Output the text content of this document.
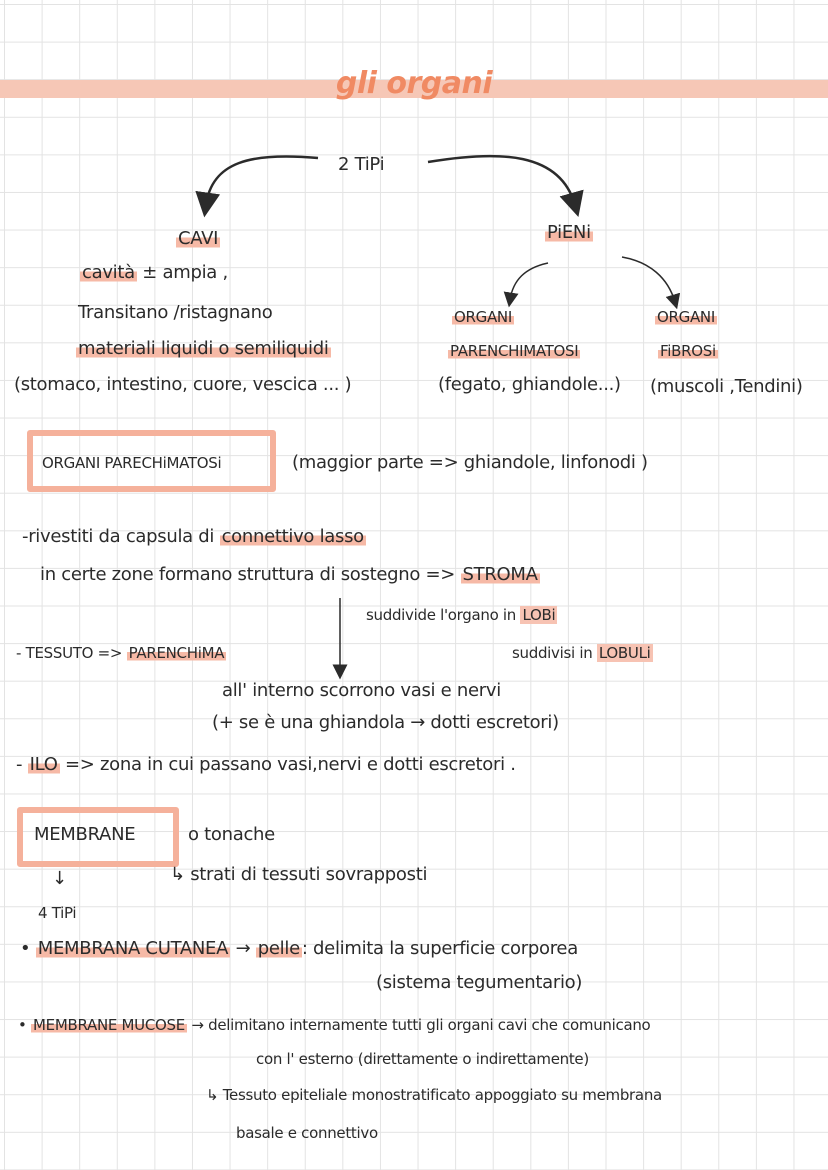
gli organi
2 TiPi
CAVI
cavità ± ampia ,
Transitano /ristagnano
materiali liquidi o semiliquidi
(stomaco, intestino, cuore, vescica ... )
PiENi
ORGANI
PARENCHIMATOSI
(fegato, ghiandole...)
ORGANI
FiBROSi
(muscoli ,Tendini)
ORGANI PARECHiMATOSi	(maggior parte => ghiandole, linfonodi )
-rivestiti da capsula di connettivo lasso
in certe zone formano struttura di sostegno => STROMA
suddivide l'organo in LOBi
- TESSUTO => PARENCHiMA	suddivisi in LOBULi
all' interno scorrono vasi e nervi
(+ se è una ghiandola → dotti escretori)
- ILO => zona in cui passano vasi,nervi e dotti escretori .
MEMBRANE	o tonache
↳ strati di tessuti sovrapposti
↓
4 TiPi
• MEMBRANA CUTANEA → pelle : delimita la superficie corporea
(sistema tegumentario)
• MEMBRANE MUCOSE → delimitano internamente tutti gli organi cavi che comunicano
con l' esterno (direttamente o indirettamente)
↳ Tessuto epiteliale monostratificato appoggiato su membrana
basale e connettivo
